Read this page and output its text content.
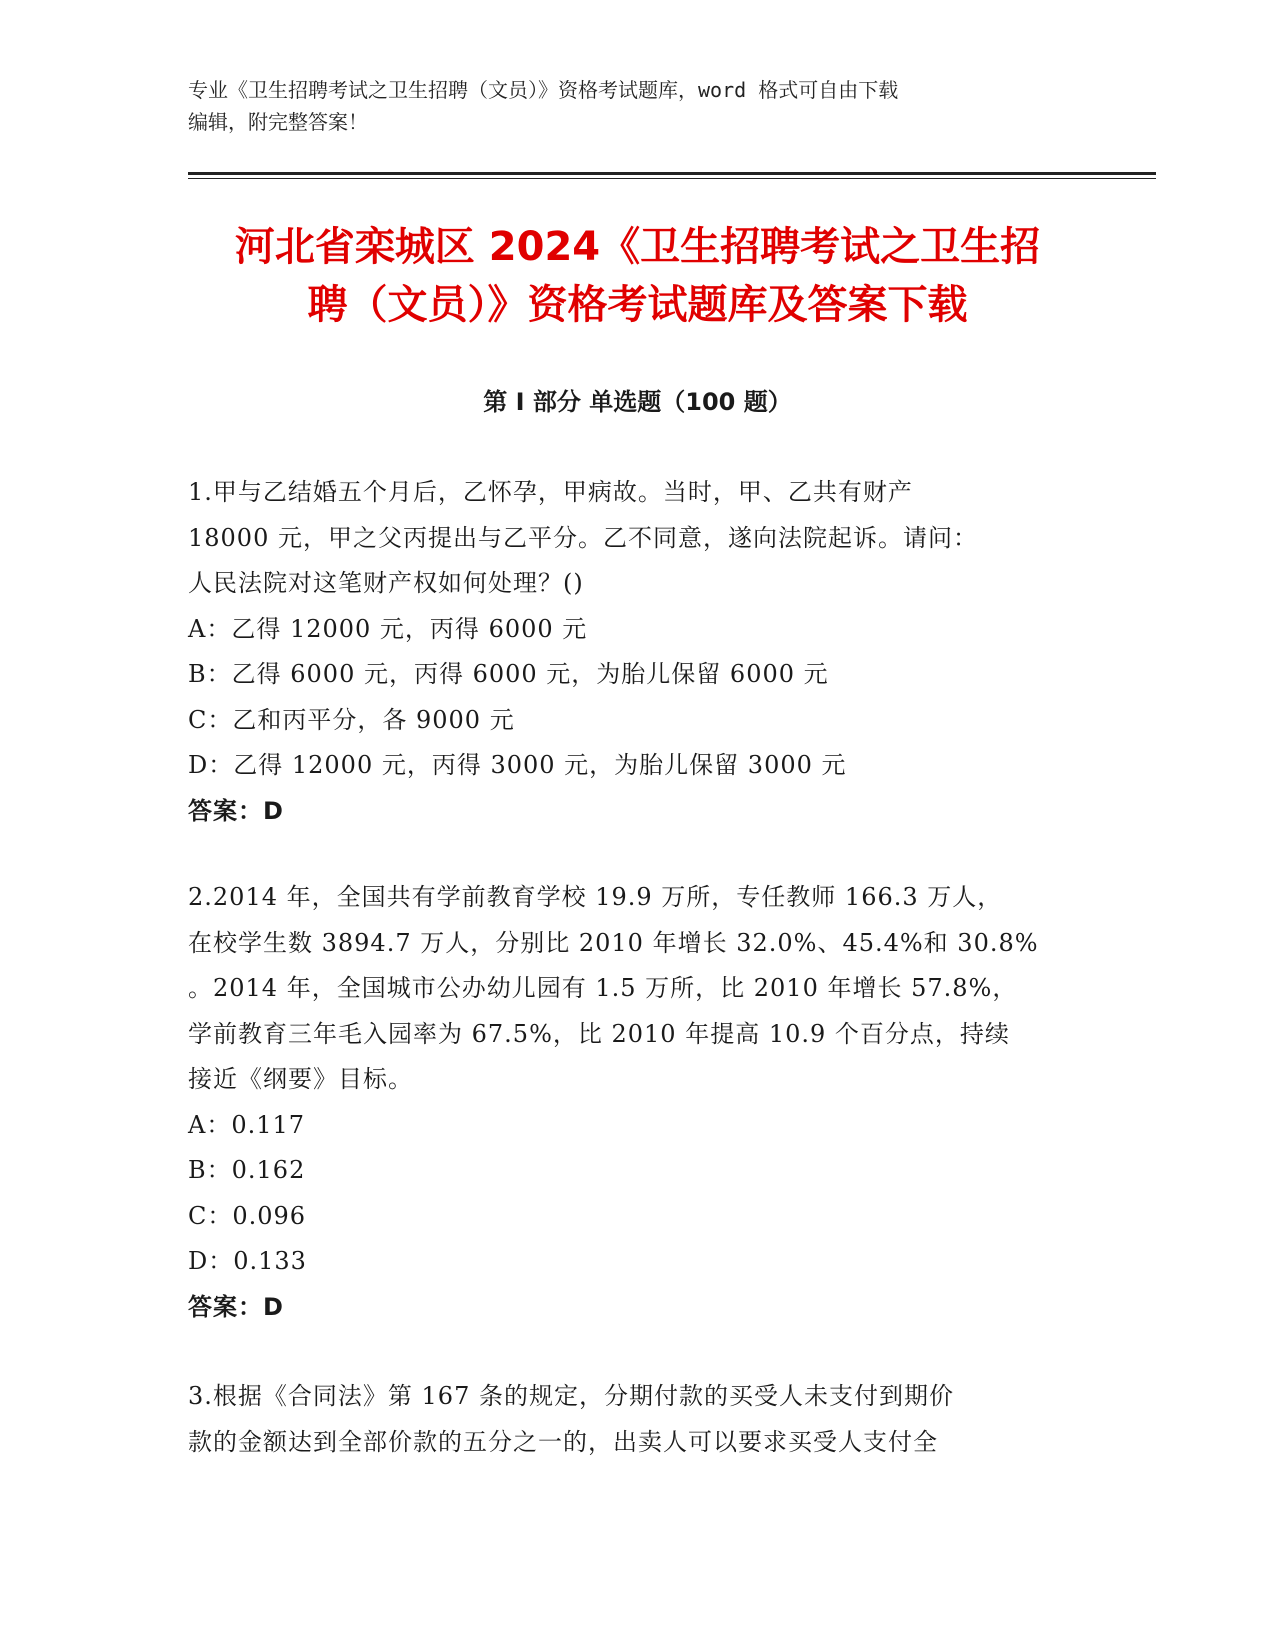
专业《卫生招聘考试之卫生招聘（文员）》资格考试题库，word 格式可自由下载
编辑，附完整答案！
河北省栾城区 2024《卫生招聘考试之卫生招
聘（文员）》资格考试题库及答案下载
第 I 部分 单选题（100 题）
1.甲与乙结婚五个月后，乙怀孕，甲病故。当时，甲、乙共有财产
18000 元，甲之父丙提出与乙平分。乙不同意，遂向法院起诉。请问：
人民法院对这笔财产权如何处理？()
A：乙得 12000 元，丙得 6000 元
B：乙得 6000 元，丙得 6000 元，为胎儿保留 6000 元
C：乙和丙平分，各 9000 元
D：乙得 12000 元，丙得 3000 元，为胎儿保留 3000 元
答案：D
2.2014 年，全国共有学前教育学校 19.9 万所，专任教师 166.3 万人，
在校学生数 3894.7 万人，分别比 2010 年增长 32.0%、45.4%和 30.8%
。2014 年，全国城市公办幼儿园有 1.5 万所，比 2010 年增长 57.8%，
学前教育三年毛入园率为 67.5%，比 2010 年提高 10.9 个百分点，持续
接近《纲要》目标。
A：0.117
B：0.162
C：0.096
D：0.133
答案：D
3.根据《合同法》第 167 条的规定，分期付款的买受人未支付到期价
款的金额达到全部价款的五分之一的，出卖人可以要求买受人支付全
